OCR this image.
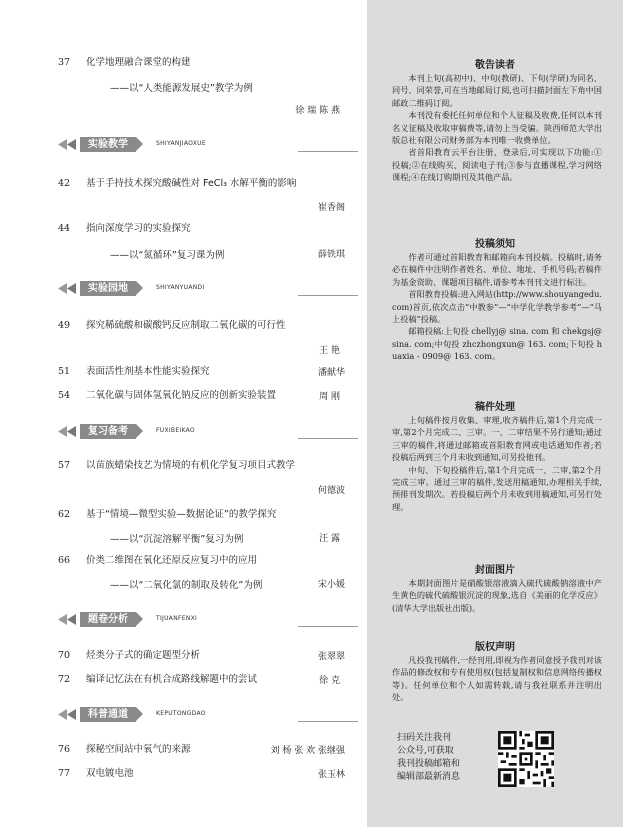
37	化学地理融合课堂的构建
——以“人类能源发展史”教学为例
徐 瑞 陈 燕
实验教学	SHIYANJIAOXUE
42	基于手持技术探究酸碱性对 FeCl₃ 水解平衡的影响
崔香阁
44	指向深度学习的实验探究
——以“氮循环”复习课为例	薛铁琪
实验园地	SHIYANYUANDI
49	探究稀硫酸和碳酸钙反应制取二氧化碳的可行性
王 艳
51	表面活性剂基本性能实验探究	潘献华
54	二氧化碳与固体氢氧化钠反应的创新实验装置	周 刚
复习备考	FUXIBEIKAO
57	以苗族蜡染技艺为情境的有机化学复习项目式教学
何德波
62	基于“情境—微型实验—数据论证”的教学探究
——以“沉淀溶解平衡”复习为例	汪 露
66	价类二维图在氧化还原反应复习中的应用
——以“二氧化氯的制取及转化”为例	宋小媛
题卷分析	TIJUANFENXI
70	烃类分子式的确定题型分析	张翠翠
72	编译记忆法在有机合成路线解题中的尝试	徐 克
科普通道	KEPUTONGDAO
76	探秘空间站中氧气的来源	刘 杨 张 欢 张继强
77	双电镀电池	张玉林
敬告读者

本刊上旬(高初中)、中旬(教研)、下旬(学研)为同名、同号、同荣誉,可在当地邮局订阅,也可扫描封面左下角中国邮政二维码订阅。

本刊没有委托任何单位和个人征稿及收费,任何以本刊名义征稿及收取审稿费等,请勿上当受骗。陕西师范大学出版总社有限公司财务部为本刊唯一收费单位。

省首阳教育云平台注册、登录后,可实现以下功能:①投稿;②在线购买、阅读电子刊;③参与直播课程,学习网络课程;④在线订购期刊及其他产品。

投稿须知

作者可通过首阳教育和邮箱向本刊投稿。投稿时,请务必在稿件中注明作者姓名、单位、地址、手机号码;若稿件为基金资助、课题项目稿件,请参考本刊刊文进行标注。

首阳教育投稿:进入网站(http://www.shouyangedu.com)首页,依次点击“中教参”—“中学化学教学参考”—“马上投稿”投稿。

邮箱投稿:上旬投 chellyj@ sina. com 和 chekgsj@ sina. com;中旬投 zhczhongxun@ 163. com;下旬投 huaxia - 0909@ 163. com。

稿件处理

上旬稿件按月收集、审理,收齐稿件后,第1个月完成一审,第2个月完成二、三审。一、二审结果不另行通知;通过三审的稿件,将通过邮箱或首阳教育网或电话通知作者;若投稿后两到三个月未收到通知,可另投他刊。

中旬、下旬投稿件后,第1个月完成一、二审,第2个月完成三审。通过三审的稿件,发送用稿通知,办理相关手续,预排刊发期次。若投稿后两个月未收到用稿通知,可另行处理。

封面图片

本期封面图片是硝酸银溶液滴入硫代硫酸钠溶液中产生黄色的硫代硫酸银沉淀的现象,选自《美丽的化学反应》(清华大学出版社出版)。

版权声明

凡投我刊稿件,一经刊用,即视为作者同意授予我刊对该作品的修改权和专有使用权(包括复制权和信息网络传播权等)。任何单位和个人如需转载,请与我社联系并注明出处。

扫码关注我刊
公众号,可获取
我刊投稿邮箱和
编辑部最新消息
